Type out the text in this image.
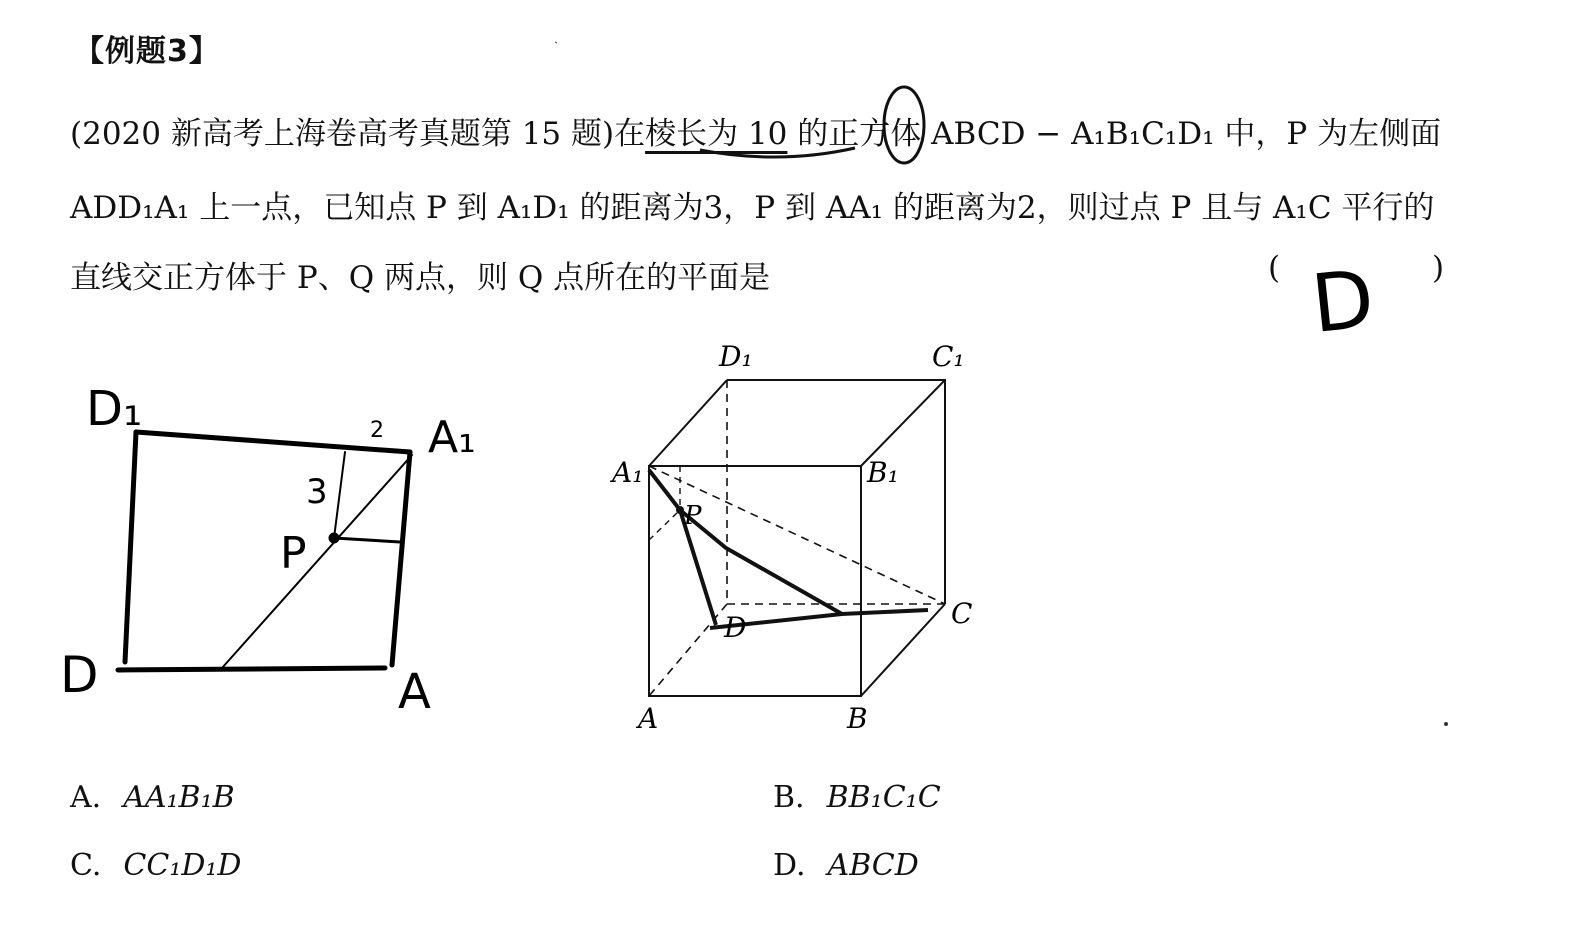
【例题3】
(2020 新高考上海卷高考真题第 15 题)在棱长为 10 的正方体 ABCD − A₁B₁C₁D₁ 中，P 为左侧面
ADD₁A₁ 上一点，已知点 P 到 A₁D₁ 的距离为3，P 到 AA₁ 的距离为2，则过点 P 且与 A₁C 平行的
直线交正方体于 P、Q 两点，则 Q 点所在的平面是	(	)
D
D₁
A₁
D	A
P
2
3
D₁	C₁
A₁	B₁
P
D	C
A	B
A. AA₁B₁B	B. BB₁C₁C
C. CC₁D₁D	D. ABCD
